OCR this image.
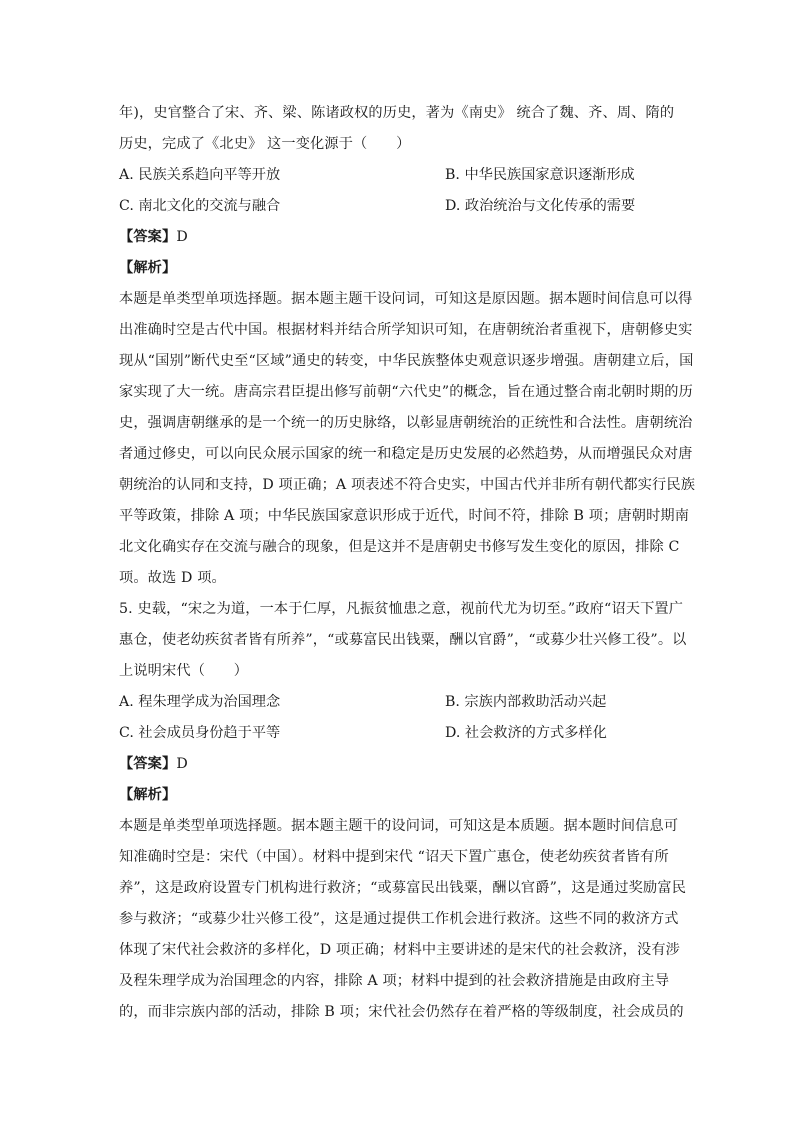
年)，史官整合了宋、齐、梁、陈诸政权的历史，著为《南史》 统合了魏、齐、周、隋的
历史，完成了《北史》 这一变化源于（　　）
A. 民族关系趋向平等开放	B. 中华民族国家意识逐渐形成
C. 南北文化的交流与融合	D. 政治统治与文化传承的需要
【答案】D
【解析】
本题是单类型单项选择题。据本题主题干设问词，可知这是原因题。据本题时间信息可以得
出准确时空是古代中国。根据材料并结合所学知识可知，在唐朝统治者重视下，唐朝修史实
现从“国别”断代史至“区域”通史的转变，中华民族整体史观意识逐步增强。唐朝建立后，国
家实现了大一统。唐高宗君臣提出修写前朝“六代史”的概念，旨在通过整合南北朝时期的历
史，强调唐朝继承的是一个统一的历史脉络，以彰显唐朝统治的正统性和合法性。唐朝统治
者通过修史，可以向民众展示国家的统一和稳定是历史发展的必然趋势，从而增强民众对唐
朝统治的认同和支持，D 项正确；A 项表述不符合史实，中国古代并非所有朝代都实行民族
平等政策，排除 A 项；中华民族国家意识形成于近代，时间不符，排除 B 项；唐朝时期南
北文化确实存在交流与融合的现象，但是这并不是唐朝史书修写发生变化的原因，排除 C
项。故选 D 项。
5. 史载，“宋之为道，一本于仁厚，凡振贫恤患之意，视前代尤为切至。”政府“诏天下置广
惠仓，使老幼疾贫者皆有所养”，“或募富民出钱粟，酬以官爵”，“或募少壮兴修工役”。以
上说明宋代（　　）
A. 程朱理学成为治国理念	B. 宗族内部救助活动兴起
C. 社会成员身份趋于平等	D. 社会救济的方式多样化
【答案】D
【解析】
本题是单类型单项选择题。据本题主题干的设问词，可知这是本质题。据本题时间信息可
知准确时空是：宋代（中国）。材料中提到宋代 “诏天下置广惠仓，使老幼疾贫者皆有所
养”，这是政府设置专门机构进行救济；“或募富民出钱粟，酬以官爵”，这是通过奖励富民
参与救济；“或募少壮兴修工役”，这是通过提供工作机会进行救济。这些不同的救济方式
体现了宋代社会救济的多样化，D 项正确；材料中主要讲述的是宋代的社会救济，没有涉
及程朱理学成为治国理念的内容，排除 A 项；材料中提到的社会救济措施是由政府主导
的，而非宗族内部的活动，排除 B 项；宋代社会仍然存在着严格的等级制度，社会成员的
